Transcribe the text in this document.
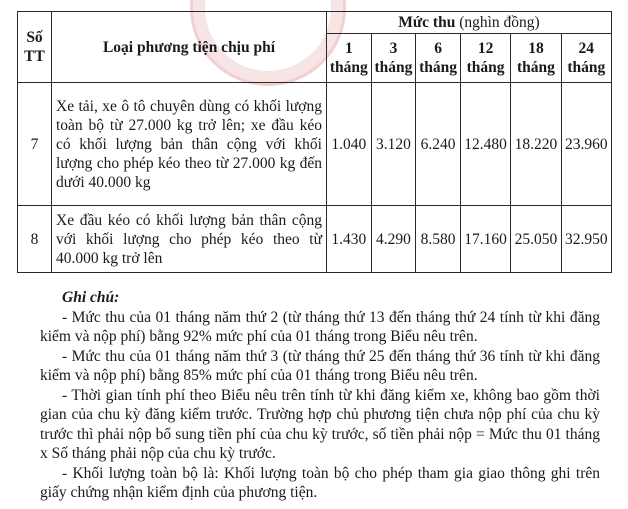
Số TT	Loại phương tiện chịu phí	Mức thu (nghìn đồng)					
		1 tháng	3 tháng	6 tháng	12 tháng	18 tháng	24 tháng
7	Xe tải, xe ô tô chuyên dùng có khối lượng toàn bộ từ 27.000 kg trở lên; xe đầu kéo có khối lượng bản thân cộng với khối lượng cho phép kéo theo từ 27.000 kg đến dưới 40.000 kg	1.040	3.120	6.240	12.480	18.220	23.960
8	Xe đầu kéo có khối lượng bản thân cộng với khối lượng cho phép kéo theo từ 40.000 kg trở lên	1.430	4.290	8.580	17.160	25.050	32.950
Ghi chú:

- Mức thu của 01 tháng năm thứ 2 (từ tháng thứ 13 đến tháng thứ 24 tính từ khi đăng kiểm và nộp phí) bằng 92% mức phí của 01 tháng trong Biểu nêu trên.

- Mức thu của 01 tháng năm thứ 3 (từ tháng thứ 25 đến tháng thứ 36 tính từ khi đăng kiểm và nộp phí) bằng 85% mức phí của 01 tháng trong Biểu nêu trên.

- Thời gian tính phí theo Biểu nêu trên tính từ khi đăng kiểm xe, không bao gồm thời gian của chu kỳ đăng kiểm trước. Trường hợp chủ phương tiện chưa nộp phí của chu kỳ trước thì phải nộp bổ sung tiền phí của chu kỳ trước, số tiền phải nộp = Mức thu 01 tháng x Số tháng phải nộp của chu kỳ trước.

- Khối lượng toàn bộ là: Khối lượng toàn bộ cho phép tham gia giao thông ghi trên giấy chứng nhận kiểm định của phương tiện.
